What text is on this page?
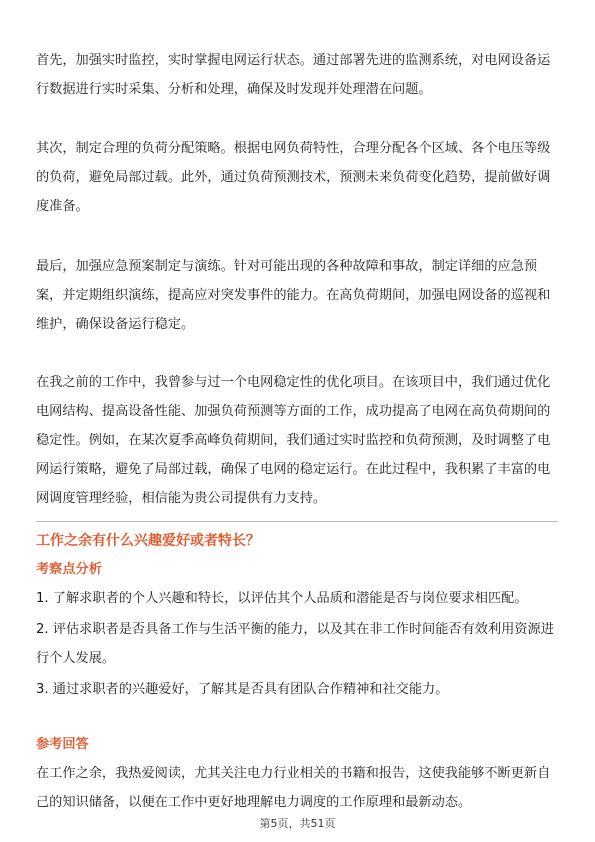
首先，加强实时监控，实时掌握电网运行状态。通过部署先进的监测系统，对电网设备运行数据进行实时采集、分析和处理，确保及时发现并处理潜在问题。

其次，制定合理的负荷分配策略。根据电网负荷特性，合理分配各个区域、各个电压等级的负荷，避免局部过载。此外，通过负荷预测技术，预测未来负荷变化趋势，提前做好调度准备。

最后，加强应急预案制定与演练。针对可能出现的各种故障和事故，制定详细的应急预案，并定期组织演练，提高应对突发事件的能力。在高负荷期间，加强电网设备的巡视和维护，确保设备运行稳定。

在我之前的工作中，我曾参与过一个电网稳定性的优化项目。在该项目中，我们通过优化电网结构、提高设备性能、加强负荷预测等方面的工作，成功提高了电网在高负荷期间的稳定性。例如，在某次夏季高峰负荷期间，我们通过实时监控和负荷预测，及时调整了电网运行策略，避免了局部过载，确保了电网的稳定运行。在此过程中，我积累了丰富的电网调度管理经验，相信能为贵公司提供有力支持。

工作之余有什么兴趣爱好或者特长？
考察点分析
1. 了解求职者的个人兴趣和特长，以评估其个人品质和潜能是否与岗位要求相匹配。
2. 评估求职者是否具备工作与生活平衡的能力，以及其在非工作时间能否有效利用资源进行个人发展。
3. 通过求职者的兴趣爱好，了解其是否具有团队合作精神和社交能力。
参考回答

在工作之余，我热爱阅读，尤其关注电力行业相关的书籍和报告，这使我能够不断更新自己的知识储备，以便在工作中更好地理解电力调度的工作原理和最新动态。

第5页，共51页
